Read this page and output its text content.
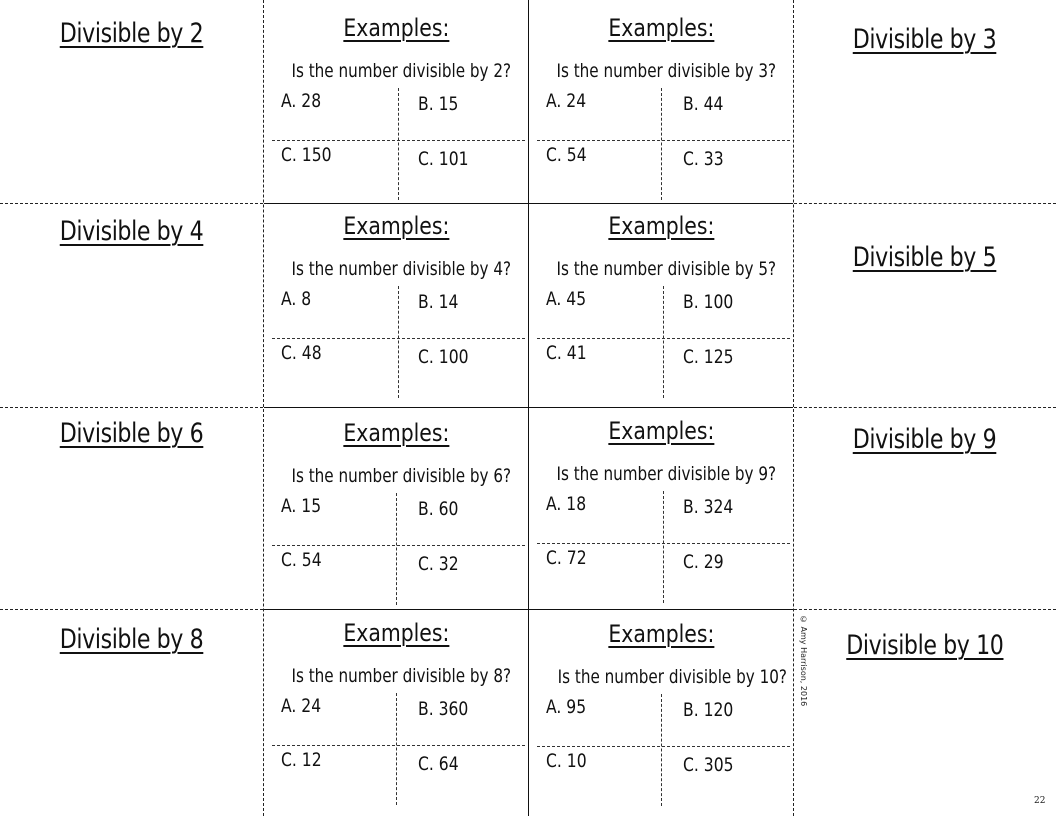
Divisible by 2	Divisible by 3
Examples:
Is the number divisible by 2?
A. 28	B. 15
C. 150	C. 101
Examples:
Is the number divisible by 3?
A. 24	B. 44
C. 54	C. 33
Divisible by 4
Divisible by 5
Examples:
Is the number divisible by 4?
A. 8	B. 14
C. 48	C. 100
Examples:
Is the number divisible by 5?
A. 45	B. 100
C. 41	C. 125
Divisible by 6	Divisible by 9
Examples:
Is the number divisible by 6?
A. 15	B. 60
C. 54	C. 32
Examples:
Is the number divisible by 9?
A. 18	B. 324
C. 72	C. 29
Divisible by 8	Divisible by 10
Examples:
Is the number divisible by 8?
A. 24	B. 360
C. 12	C. 64
Examples:
Is the number divisible by 10?
A. 95	B. 120
C. 10	C. 305
© Amy Harrison, 2016
22
